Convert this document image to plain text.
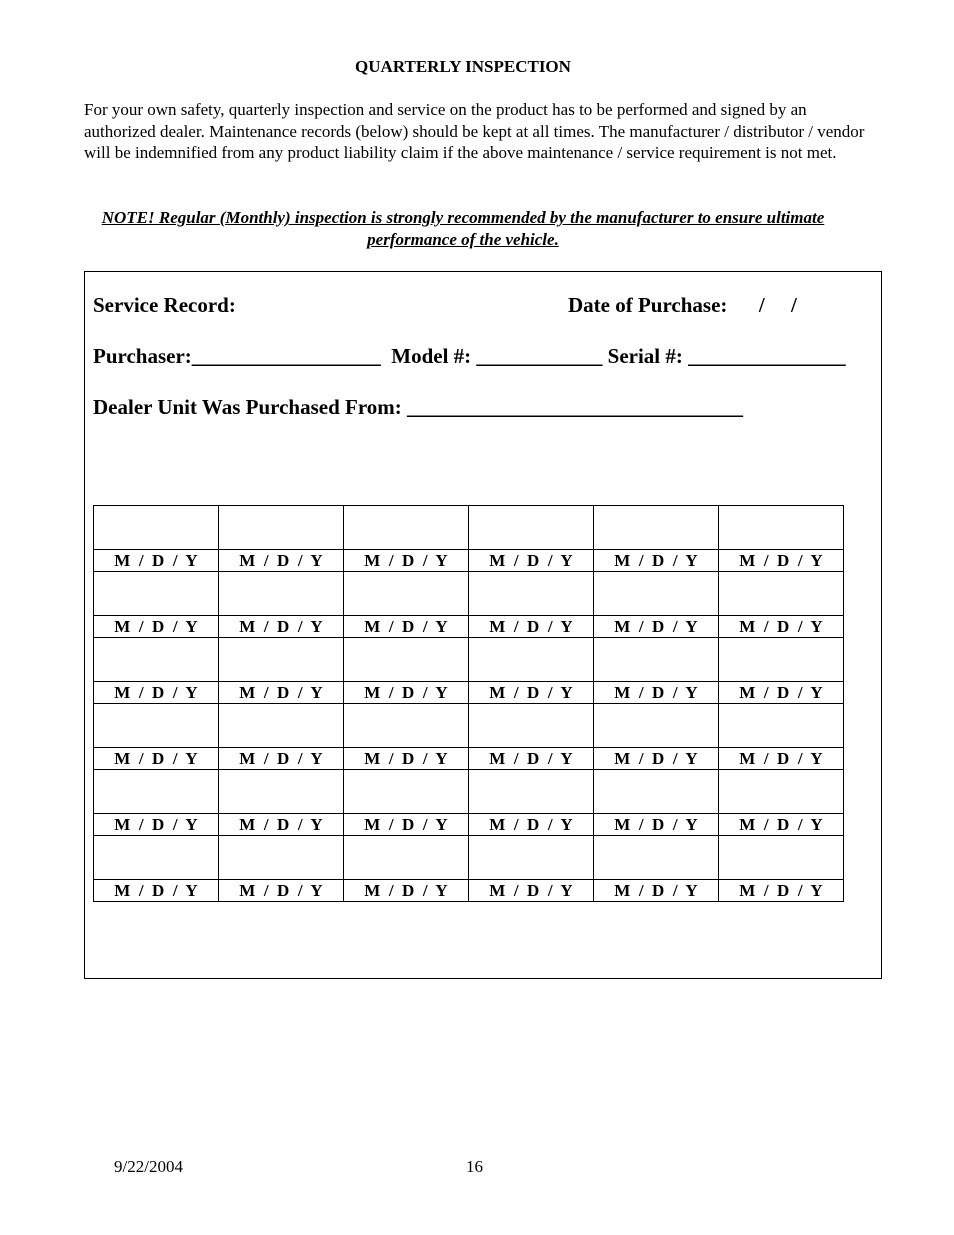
QUARTERLY INSPECTION
For your own safety, quarterly inspection and service on the product has to be performed and signed by an authorized dealer. Maintenance records (below) should be kept at all times. The manufacturer / distributor / vendor will be indemnified from any product liability claim if the above maintenance / service requirement is not met.
NOTE! Regular (Monthly) inspection is strongly recommended by the manufacturer to ensure ultimate performance of the vehicle.
Service Record:	Date of Purchase:      /     /
Purchaser:__________________  Model #: ____________ Serial #: _______________
Dealer Unit Was Purchased From: ________________________________

M  /  D  /  Y	M  /  D  /  Y	M  /  D  /  Y	M  /  D  /  Y	M  /  D  /  Y	M  /  D  /  Y

M  /  D  /  Y	M  /  D  /  Y	M  /  D  /  Y	M  /  D  /  Y	M  /  D  /  Y	M  /  D  /  Y

M  /  D  /  Y	M  /  D  /  Y	M  /  D  /  Y	M  /  D  /  Y	M  /  D  /  Y	M  /  D  /  Y

M  /  D  /  Y	M  /  D  /  Y	M  /  D  /  Y	M  /  D  /  Y	M  /  D  /  Y	M  /  D  /  Y

M  /  D  /  Y	M  /  D  /  Y	M  /  D  /  Y	M  /  D  /  Y	M  /  D  /  Y	M  /  D  /  Y

M  /  D  /  Y	M  /  D  /  Y	M  /  D  /  Y	M  /  D  /  Y	M  /  D  /  Y	M  /  D  /  Y
9/22/2004	16
